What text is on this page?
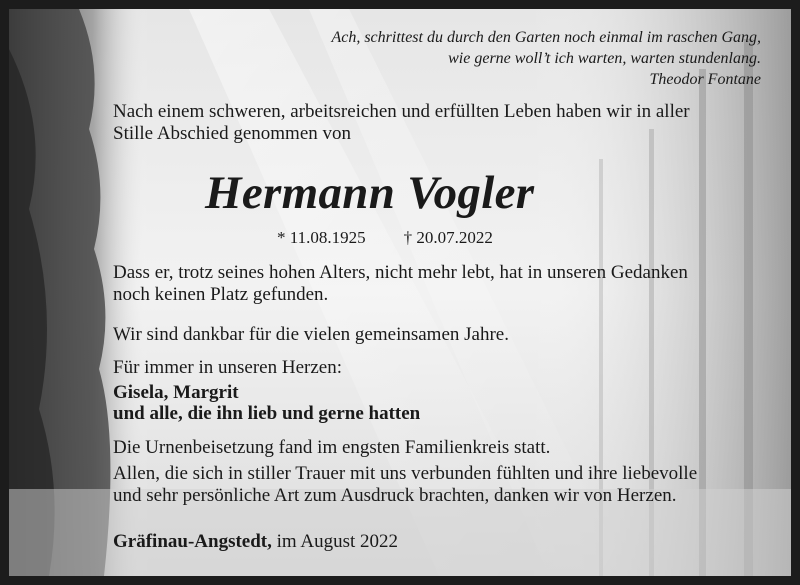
Ach, schrittest du durch den Garten noch einmal im raschen Gang,
wie gerne woll’t ich warten, warten stundenlang.
Theodor Fontane
Nach einem schweren, arbeitsreichen und erfüllten Leben haben wir in aller
Stille Abschied genommen von
Hermann Vogler
* 11.08.1925 † 20.07.2022
Dass er, trotz seines hohen Alters, nicht mehr lebt, hat in unseren Gedanken
noch keinen Platz gefunden.
Wir sind dankbar für die vielen gemeinsamen Jahre.
Für immer in unseren Herzen:
Gisela, Margrit
und alle, die ihn lieb und gerne hatten
Die Urnenbeisetzung fand im engsten Familienkreis statt.
Allen, die sich in stiller Trauer mit uns verbunden fühlten und ihre liebevolle
und sehr persönliche Art zum Ausdruck brachten, danken wir von Herzen.
Gräfinau-Angstedt, im August 2022
